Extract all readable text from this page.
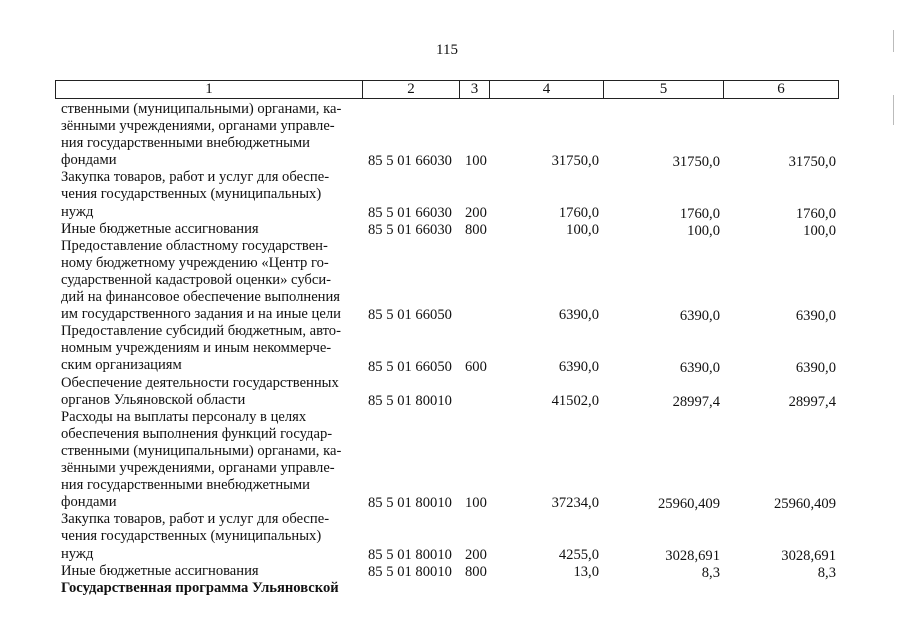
115
1	2	3	4	5	6
ственными (муниципальными) органами, ка-
зёнными учреждениями, органами управле-
ния государственными внебюджетными
фондами	85 5 01 66030 100	31750,0	31750,0	31750,0
Закупка товаров, работ и услуг для обеспе-
чения государственных (муниципальных)
нужд	85 5 01 66030 200	1760,0	1760,0	1760,0
Иные бюджетные ассигнования	85 5 01 66030 800	100,0	100,0	100,0
Предоставление областному государствен-
ному бюджетному учреждению «Центр го-
сударственной кадастровой оценки» субси-
дий на финансовое обеспечение выполнения
им государственного задания и на иные цели	85 5 01 66050	6390,0	6390,0	6390,0
Предоставление субсидий бюджетным, авто-
номным учреждениям и иным некоммерче-
ским организациям	85 5 01 66050 600	6390,0	6390,0	6390,0
Обеспечение деятельности государственных
органов Ульяновской области	85 5 01 80010	41502,0	28997,4	28997,4
Расходы на выплаты персоналу в целях
обеспечения выполнения функций государ-
ственными (муниципальными) органами, ка-
зёнными учреждениями, органами управле-
ния государственными внебюджетными
фондами	85 5 01 80010 100	37234,0	25960,409	25960,409
Закупка товаров, работ и услуг для обеспе-
чения государственных (муниципальных)
нужд	85 5 01 80010 200	4255,0	3028,691	3028,691
Иные бюджетные ассигнования	85 5 01 80010 800	13,0	8,3	8,3
Государственная программа Ульяновской
